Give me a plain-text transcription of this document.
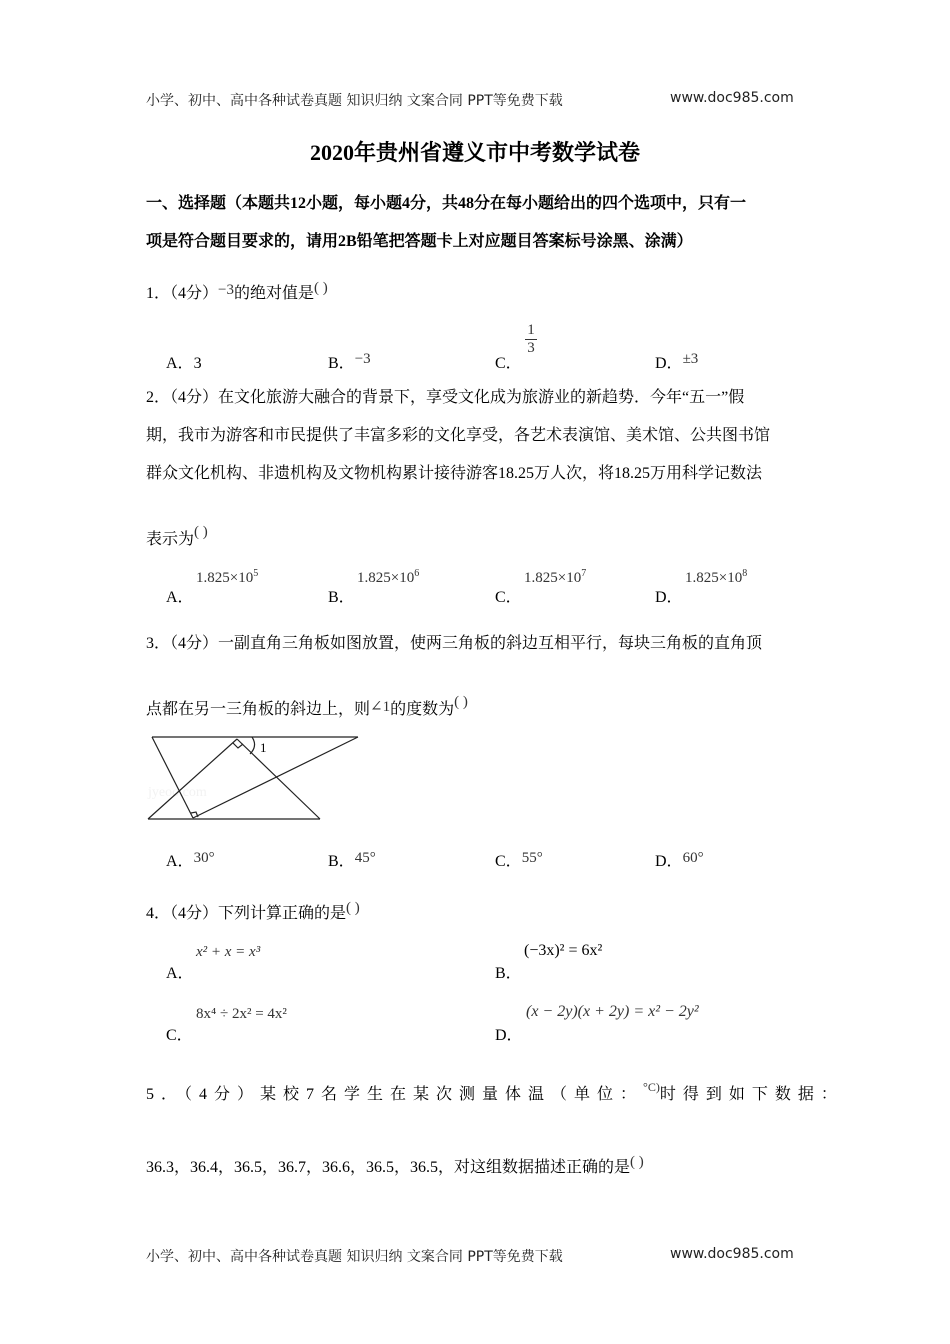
小学、初中、高中各种试卷真题 知识归纳 文案合同 PPT等免费下载	www.doc985.com
2020年贵州省遵义市中考数学试卷
一、选择题（本题共12小题，每小题4分，共48分在每小题给出的四个选项中，只有一
项是符合题目要求的，请用2B铅笔把答题卡上对应题目答案标号涂黑、涂满）
1．（4分）−3的绝对值是( )
A．3	B．−3	C．
1
3
D．±3
2．（4分）在文化旅游大融合的背景下，享受文化成为旅游业的新趋势．今年“五一”假
期，我市为游客和市民提供了丰富多彩的文化享受，各艺术表演馆、美术馆、公共图书馆
群众文化机构、非遗机构及文物机构累计接待游客18.25万人次，将18.25万用科学记数法
表示为( )
A．
$1.825\times 10^5$
B．
$1.825\times 10^6$
C．
$1.825\times 10^7$
D．
$1.825\times 10^8$
3．（4分）一副直角三角板如图放置，使两三角板的斜边互相平行，每块三角板的直角顶
点都在另一三角板的斜边上，则∠1的度数为( )
jyeoo.com
1
A．30°	B．45°	C．55°	D．60°
4．（4分）下列计算正确的是( )
A．
x² + x = x³
B．
(−3x)² = 6x²
C．
8x⁴ ÷ 2x² = 4x²
D．
(x − 2y)(x + 2y) = x² − 2y²
5．（4分）某校7名学生在某次测量体温（单位：$^{^\circ C)}$时得到如下数据：
36.3，36.4，36.5，36.7，36.6，36.5，36.5，对这组数据描述正确的是( )
小学、初中、高中各种试卷真题 知识归纳 文案合同 PPT等免费下载	www.doc985.com
